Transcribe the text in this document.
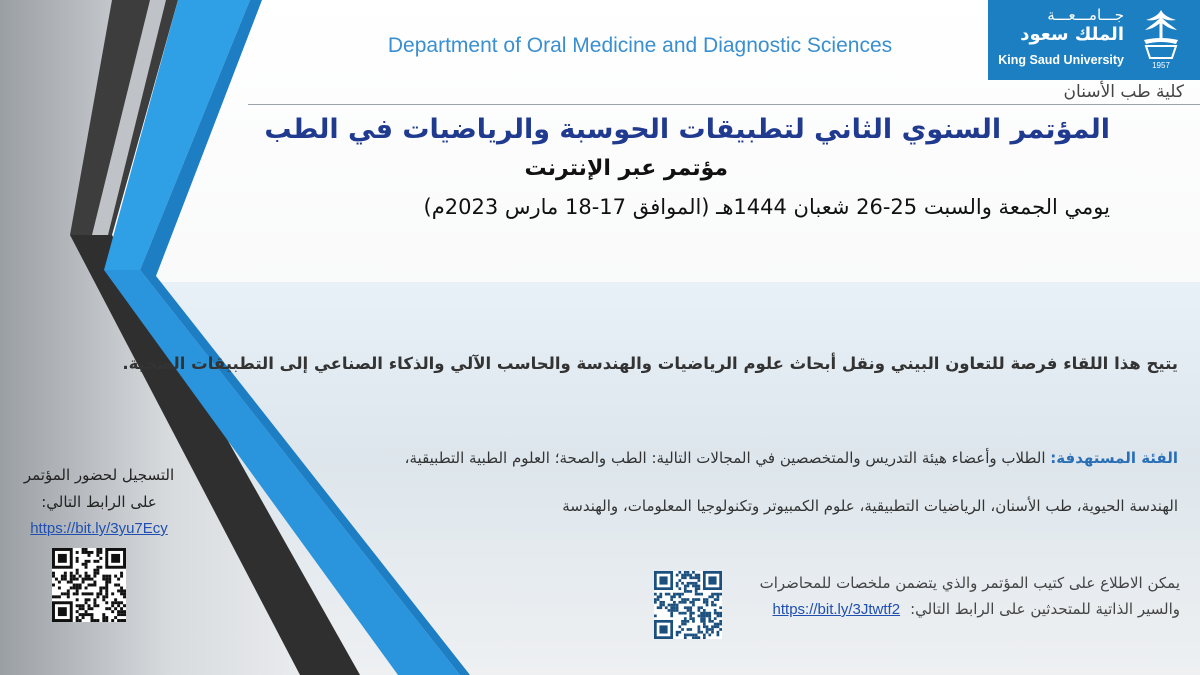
Department of Oral Medicine and Diagnostic Sciences
جـــامـــعـــة
الملك سعود
King Saud University	1957
كلية طب الأسنان
المؤتمر السنوي الثاني لتطبيقات الحوسبة والرياضيات في الطب
مؤتمر عبر الإنترنت
يومي الجمعة والسبت 25-26 شعبان 1444هـ (الموافق 17-18 مارس 2023م)
يتيح هذا اللقاء فرصة للتعاون البيني ونقل أبحاث علوم الرياضيات والهندسة والحاسب الآلي والذكاء الصناعي إلى التطبيقات الصحية.
الفئة المستهدفة: الطلاب وأعضاء هيئة التدريس والمتخصصين في المجالات التالية: الطب والصحة؛ العلوم الطبية التطبيقية،
الهندسة الحيوية، طب الأسنان، الرياضيات التطبيقية، علوم الكمبيوتر وتكنولوجيا المعلومات، والهندسة
التسجيل لحضور المؤتمر
على الرابط التالي:
https://bit.ly/3yu7Ecy
يمكن الاطلاع على كتيب المؤتمر والذي يتضمن ملخصات للمحاضرات
والسير الذاتية للمتحدثين على الرابط التالي:https://bit.ly/3Jtwtf2
